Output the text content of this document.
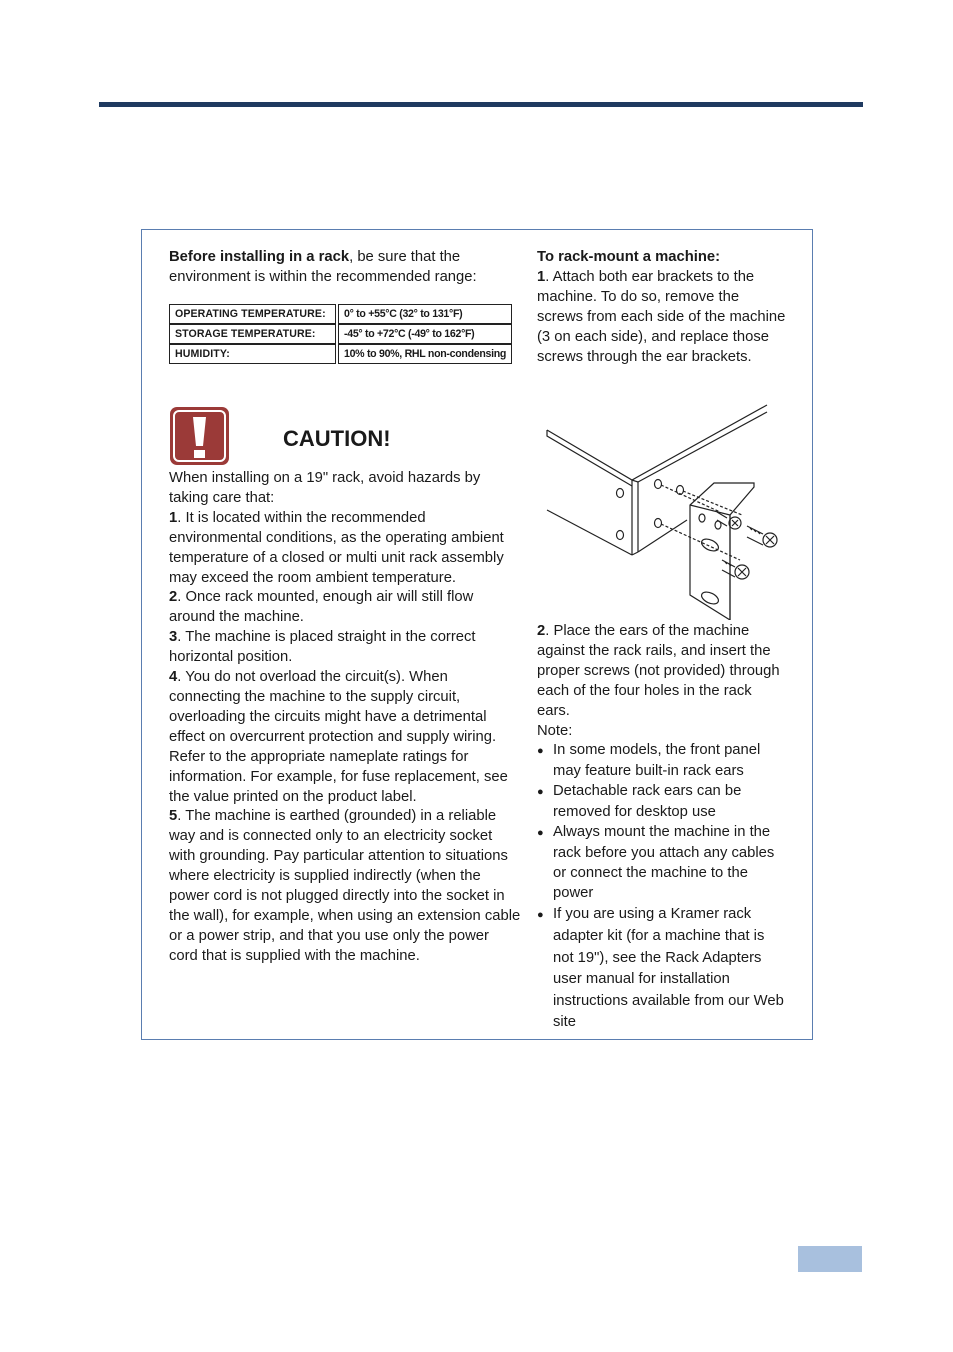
Before installing in a rack, be sure that the environment is within the recommended range:

OPERATING TEMPERATURE:		0° to +55°C (32° to 131°F)
STORAGE TEMPERATURE:		-45° to +72°C (-49° to 162°F)
HUMIDITY:		10% to 90%, RHL non-condensing
CAUTION!

When installing on a 19" rack, avoid hazards by taking care that:

1. It is located within the recommended environmental conditions, as the operating ambient temperature of a closed or multi unit rack assembly may exceed the room ambient temperature.

2. Once rack mounted, enough air will still flow around the machine.

3. The machine is placed straight in the correct horizontal position.

4. You do not overload the circuit(s). When connecting the machine to the supply circuit, overloading the circuits might have a detrimental effect on overcurrent protection and supply wiring. Refer to the appropriate nameplate ratings for information. For example, for fuse replacement, see the value printed on the product label.

5. The machine is earthed (grounded) in a reliable way and is connected only to an electricity socket with grounding. Pay particular attention to situations where electricity is supplied indirectly (when the power cord is not plugged directly into the socket in the wall), for example, when using an extension cable or a power strip, and that you use only the power cord that is supplied with the machine.

To rack-mount a machine:

1. Attach both ear brackets to the machine. To do so, remove the screws from each side of the machine (3 on each side), and replace those screws through the ear brackets.

2. Place the ears of the machine against the rack rails, and insert the proper screws (not provided) through each of the four holes in the rack ears.

Note:

● In some models, the front panel may feature built-in rack ears

● Detachable rack ears can be removed for desktop use

● Always mount the machine in the rack before you attach any cables or connect the machine to the power

● If you are using a Kramer rack adapter kit (for a machine that is not 19"), see the Rack Adapters user manual for installation instructions available from our Web site
